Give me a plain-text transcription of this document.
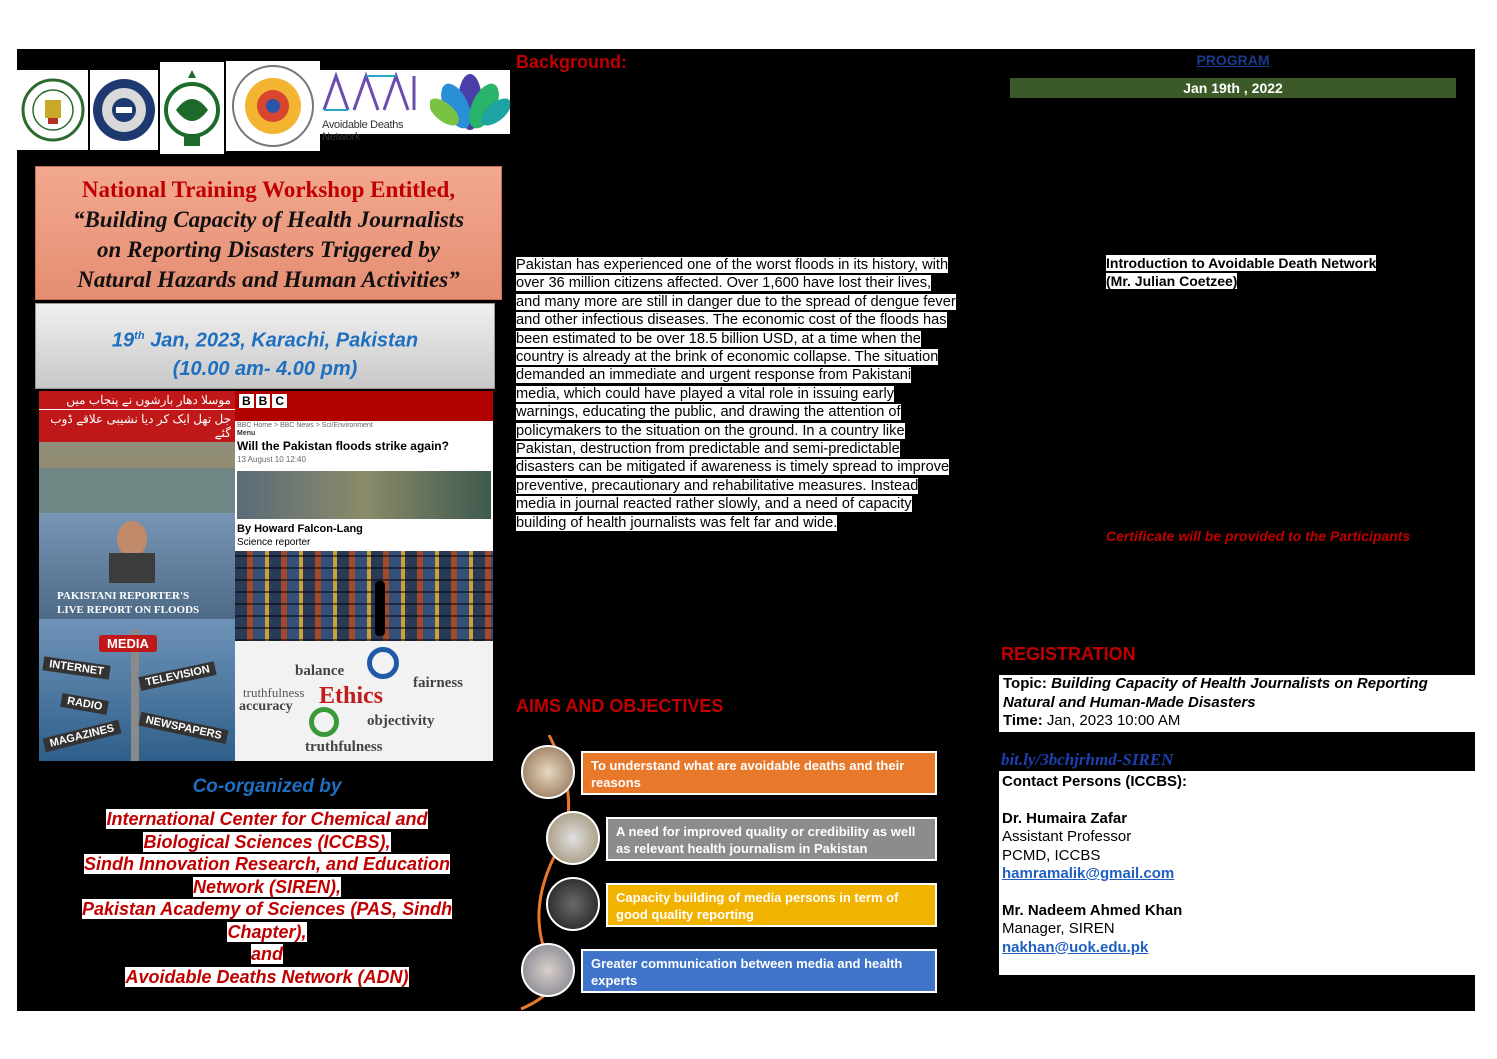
Avoidable Deaths Network
National Training Workshop Entitled,
“Building Capacity of Health Journalists
on Reporting Disasters Triggered by
Natural Hazards and Human Activities”
19th Jan, 2023, Karachi, Pakistan
(10.00 am- 4.00 pm)
موسلا دھار بارشوں نے پنجاب میں
جل تھل ایک کر دیا نشیبی علاقے ڈوب گئے
PAKISTANI REPORTER'S
LIVE REPORT ON FLOODS
MEDIA
INTERNET	TELEVISION
RADIO
MAGAZINES	NEWSPAPERS
B B C
BBC Home > BBC News > Sci/Environment
Menu
Will the Pakistan floods strike again?
13 August 10 12:40
By Howard Falcon-Lang
Science reporter
balance
fairness
truthfulness
accuracy
objectivity
Ethics
truthfulness
Co-organized by
International Center for Chemical and
Biological Sciences (ICCBS),
Sindh Innovation Research, and Education
Network (SIREN),
Pakistan Academy of Sciences (PAS, Sindh
Chapter),
and
Avoidable Deaths Network (ADN)
Background:
Pakistan has experienced one of the worst floods in its history, with
over 36 million citizens affected. Over 1,600 have lost their lives,
and many more are still in danger due to the spread of dengue fever
and other infectious diseases. The economic cost of the floods has
been estimated to be over 18.5 billion USD, at a time when the
country is already at the brink of economic collapse. The situation
demanded an immediate and urgent response from Pakistani
media, which could have played a vital role in issuing early
warnings, educating the public, and drawing the attention of
policymakers to the situation on the ground. In a country like
Pakistan, destruction from predictable and semi-predictable
disasters can be mitigated if awareness is timely spread to improve
preventive, precautionary and rehabilitative measures. Instead
media in journal reacted rather slowly, and a need of capacity
building of health journalists was felt far and wide.
AIMS AND OBJECTIVES
To understand what are avoidable deaths and their reasons
A need for improved quality or credibility as well as relevant health journalism in Pakistan
Capacity building of media persons in term of good quality reporting
Greater communication between media and health experts
PROGRAM
Jan 19th , 2022
Introduction to Avoidable Death Network
(Mr. Julian Coetzee)
Certificate will be provided to the Participants
REGISTRATION
Topic: Building Capacity of Health Journalists on Reporting
Natural and Human-Made Disasters
Time: Jan, 2023 10:00 AM
bit.ly/3bchjrhmd-SIREN
Contact Persons (ICCBS):
Dr. Humaira Zafar
Assistant Professor
PCMD, ICCBS
hamramalik@gmail.com
Mr. Nadeem Ahmed Khan
Manager, SIREN
nakhan@uok.edu.pk
